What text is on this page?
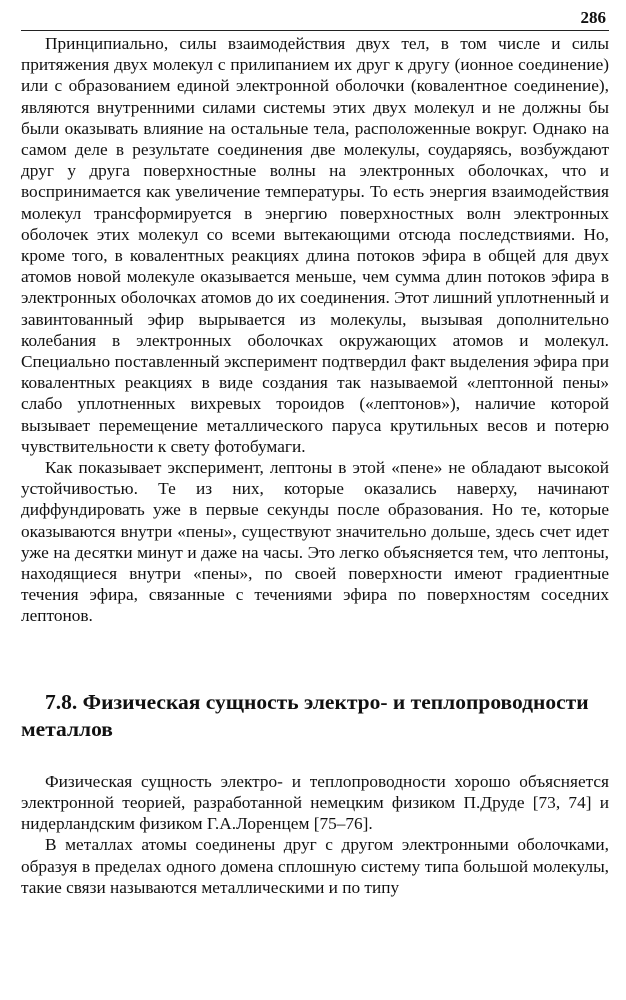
286

Принципиально, силы взаимодействия двух тел, в том числе и силы притяжения двух молекул с прилипанием их друг к другу (ионное соединение) или с образованием единой электронной оболочки (ковалентное соединение), являются внутренними силами системы этих двух молекул и не должны бы были оказывать влияние на остальные тела, расположенные вокруг. Однако на самом деле в результате соединения две молекулы, соударяясь, возбуждают друг у друга поверхностные волны на электронных оболочках, что и воспринимается как увеличение температуры. То есть энергия взаимодействия молекул трансформируется в энергию поверхностных волн электронных оболочек этих молекул со всеми вытекающими отсюда последствиями. Но, кроме того, в ковалентных реакциях длина потоков эфира в общей для двух атомов новой молекуле оказывается меньше, чем сумма длин потоков эфира в электронных оболочках атомов до их соединения. Этот лишний уплотненный и завинтованный эфир вырывается из молекулы, вызывая дополнительно колебания в электронных оболочках окружающих атомов и молекул. Специально поставленный эксперимент подтвердил факт выделения эфира при ковалентных реакциях в виде создания так называемой «лептонной пены» слабо уплотненных вихревых тороидов («лептонов»), наличие которой вызывает перемещение металлического паруса крутильных весов и потерю чувствительности к свету фотобумаги.

Как показывает эксперимент, лептоны в этой «пене» не обладают высокой устойчивостью. Те из них, которые оказались наверху, начинают диффундировать уже в первые секунды после образования. Но те, которые оказываются внутри «пены», существуют значительно дольше, здесь счет идет уже на десятки минут и даже на часы. Это легко объясняется тем, что лептоны, находящиеся внутри «пены», по своей поверхности имеют градиентные течения эфира, связанные с течениями эфира по поверхностям соседних лептонов.

7.8. Физическая сущность электро- и теплопроводности металлов

Физическая сущность электро- и теплопроводности хорошо объясняется электронной теорией, разработанной немецким физиком П.Друде [73, 74] и нидерландским физиком Г.А.Лоренцем [75–76].

В металлах атомы соединены друг с другом электронными оболочками, образуя в пределах одного домена сплошную систему типа большой молекулы, такие связи называются металлическими и по типу
